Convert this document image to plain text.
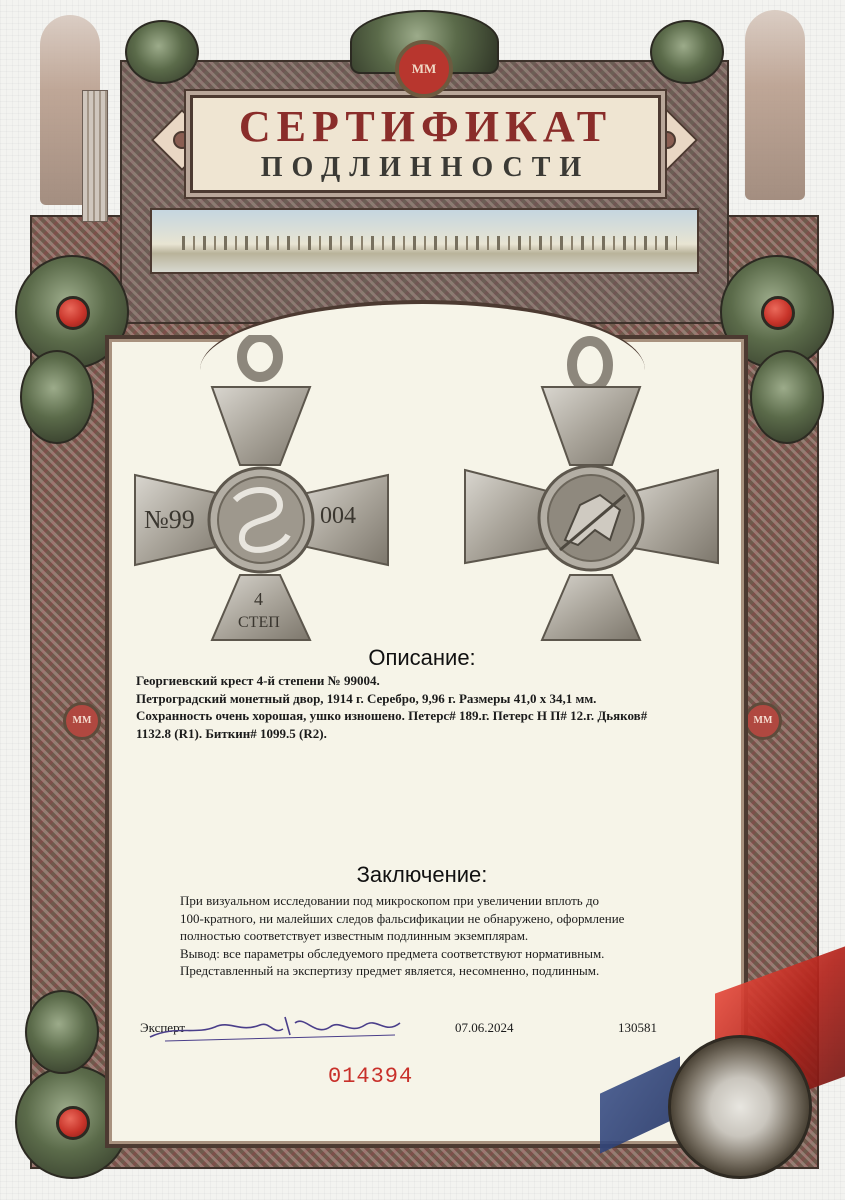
ММ	ММ
СЕРТИФИКАТ
ПОДЛИННОСТИ
ММ
№99	004
4
СТЕП
Описание:
Георгиевский крест 4-й степени № 99004.
Петроградский монетный двор, 1914 г. Серебро, 9,96 г. Размеры 41,0 х 34,1 мм.
Сохранность очень хорошая, ушко изношено. Петерс# 189.г. Петерс Н П# 12.г. Дьяков#
1132.8 (R1). Биткин# 1099.5 (R2).
Заключение:
При визуальном исследовании под микроскопом при увеличении вплоть до
100-кратного, ни малейших следов фальсификации не обнаружено, оформление
полностью соответствует известным подлинным экземплярам.
Вывод: все параметры обследуемого предмета соответствуют нормативным.
Представленный на экспертизу предмет является, несомненно, подлинным.
Эксперт	07.06.2024	130581
014394
